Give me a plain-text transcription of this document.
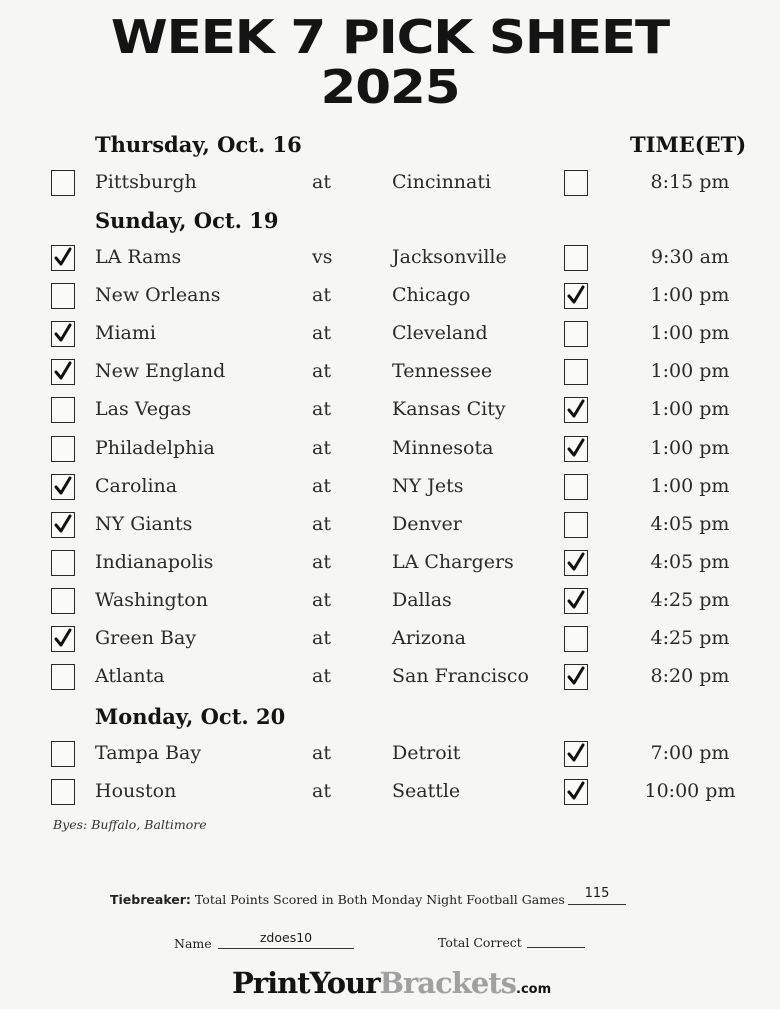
WEEK 7 PICK SHEET
2025
TIME(ET)
Thursday, Oct. 16
Pittsburgh	at	Cincinnati	8:15 pm
Sunday, Oct. 19
LA Rams	vs	Jacksonville	9:30 am
New Orleans	at	Chicago	1:00 pm
Miami	at	Cleveland	1:00 pm
New England	at	Tennessee	1:00 pm
Las Vegas	at	Kansas City	1:00 pm
Philadelphia	at	Minnesota	1:00 pm
Carolina	at	NY Jets	1:00 pm
NY Giants	at	Denver	4:05 pm
Indianapolis	at	LA Chargers	4:05 pm
Washington	at	Dallas	4:25 pm
Green Bay	at	Arizona	4:25 pm
Atlanta	at	San Francisco	8:20 pm
Monday, Oct. 20
Tampa Bay	at	Detroit	7:00 pm
Houston	at	Seattle	10:00 pm
Byes: Buffalo, Baltimore
Tiebreaker: Total Points Scored in Both Monday Night Football Games	115
Name	zdoes10	Total Correct
PrintYourBrackets.com
